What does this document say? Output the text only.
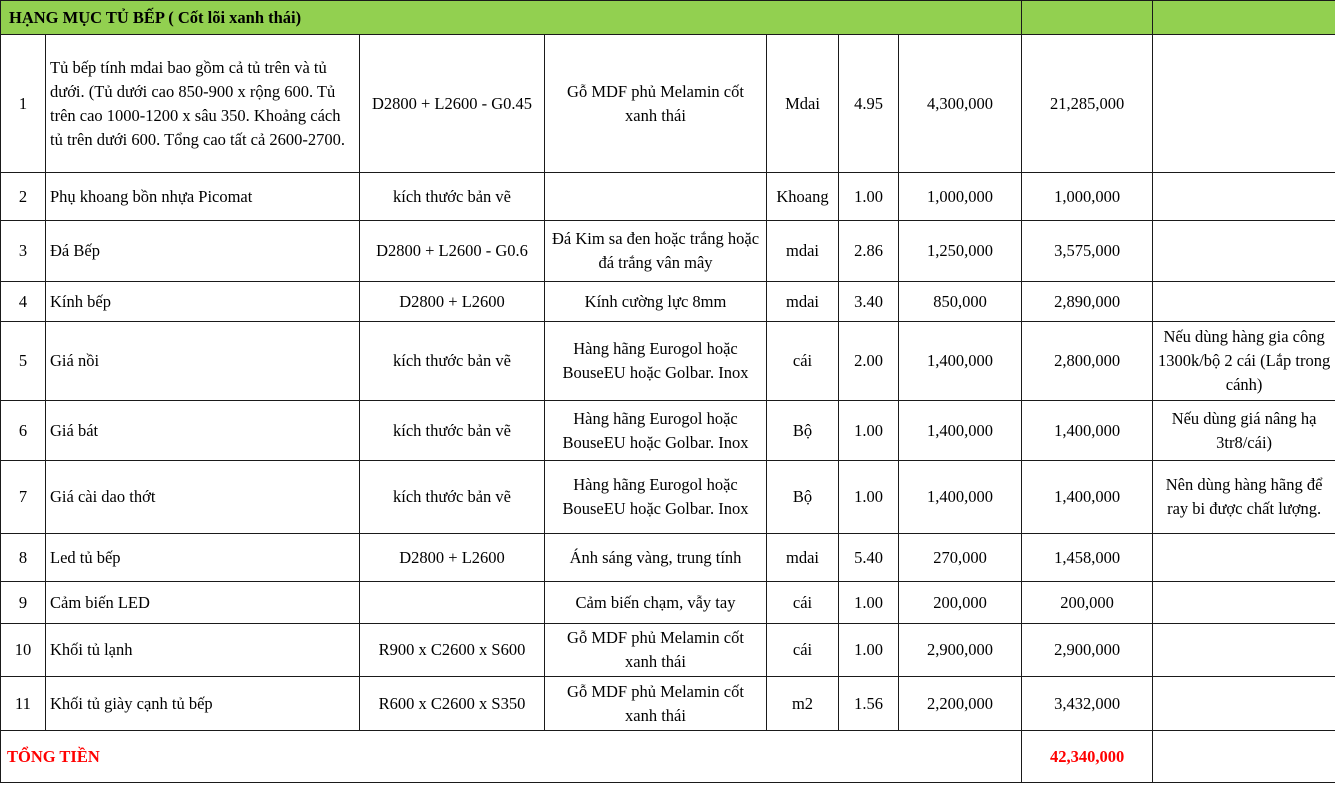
HẠNG MỤC TỦ BẾP ( Cốt lõi xanh thái)								
1	Tủ bếp tính mdai bao gồm cả tủ trên và tủ dưới. (Tủ dưới cao 850-900 x rộng 600. Tủ trên cao 1000-1200 x sâu 350. Khoảng cách tủ trên dưới 600. Tổng cao tất cả 2600-2700.	D2800 + L2600 - G0.45	Gỗ MDF phủ Melamin cốt xanh thái	Mdai	4.95	4,300,000	21,285,000	
2	Phụ khoang bồn nhựa Picomat	kích thước bản vẽ		Khoang	1.00	1,000,000	1,000,000	
3	Đá Bếp	D2800 + L2600 - G0.6	Đá Kim sa đen hoặc trắng hoặc đá trắng vân mây	mdai	2.86	1,250,000	3,575,000	
4	Kính bếp	D2800 + L2600	Kính cường lực 8mm	mdai	3.40	850,000	2,890,000	
5	Giá nồi	kích thước bản vẽ	Hàng hãng Eurogol hoặc BouseEU hoặc Golbar. Inox	cái	2.00	1,400,000	2,800,000	Nếu dùng hàng gia công 1300k/bộ 2 cái (Lắp trong cánh)
6	Giá bát	kích thước bản vẽ	Hàng hãng Eurogol hoặc BouseEU hoặc Golbar. Inox	Bộ	1.00	1,400,000	1,400,000	Nếu dùng giá nâng hạ 3tr8/cái)
7	Giá cài dao thớt	kích thước bản vẽ	Hàng hãng Eurogol hoặc BouseEU hoặc Golbar. Inox	Bộ	1.00	1,400,000	1,400,000	Nên dùng hàng hãng để ray bi được chất lượng.
8	Led tủ bếp	D2800 + L2600	Ánh sáng vàng, trung tính	mdai	5.40	270,000	1,458,000	
9	Cảm biến LED		Cảm biến chạm, vẫy tay	cái	1.00	200,000	200,000	
10	Khối tủ lạnh	R900 x C2600 x S600	Gỗ MDF phủ Melamin cốt xanh thái	cái	1.00	2,900,000	2,900,000	
11	Khối tủ giày cạnh tủ bếp	R600 x C2600 x S350	Gỗ MDF phủ Melamin cốt xanh thái	m2	1.56	2,200,000	3,432,000	
TỔNG TIỀN							42,340,000	
